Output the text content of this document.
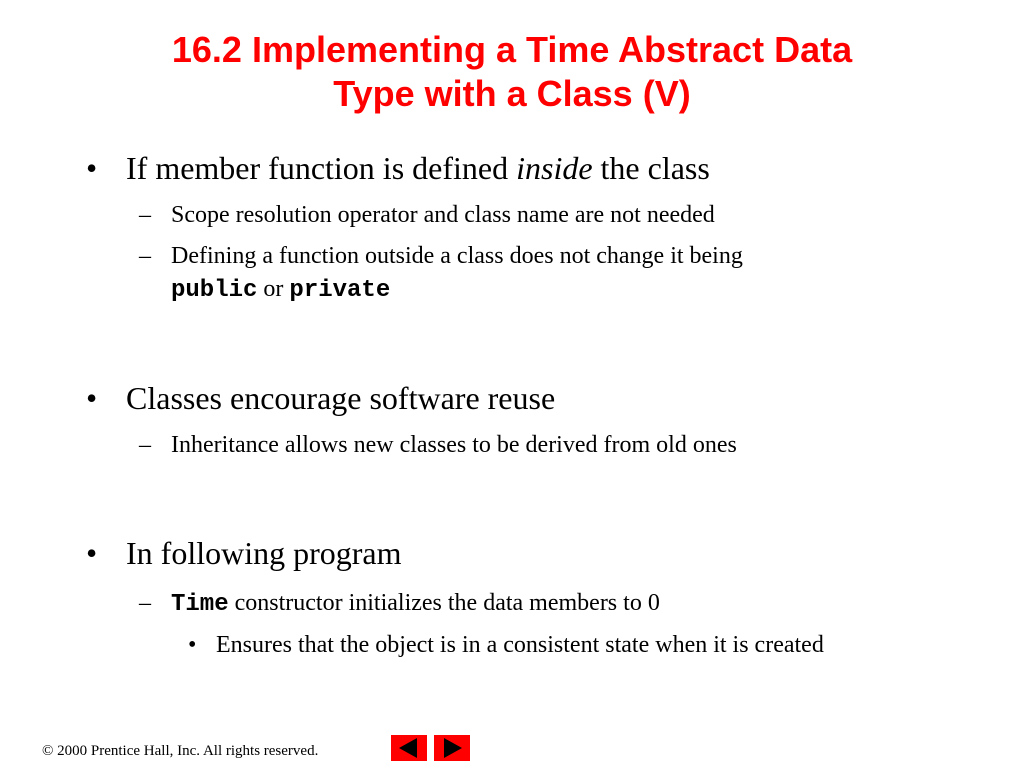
16.2 Implementing a Time Abstract Data
Type with a Class (V)
• If member function is defined inside the class
– Scope resolution operator and class name are not needed
– Defining a function outside a class does not change it being
public or private
• Classes encourage software reuse
– Inheritance allows new classes to be derived from old ones
• In following program
– Time constructor initializes the data members to 0
• Ensures that the object is in a consistent state when it is created
© 2000 Prentice Hall, Inc. All rights reserved.
